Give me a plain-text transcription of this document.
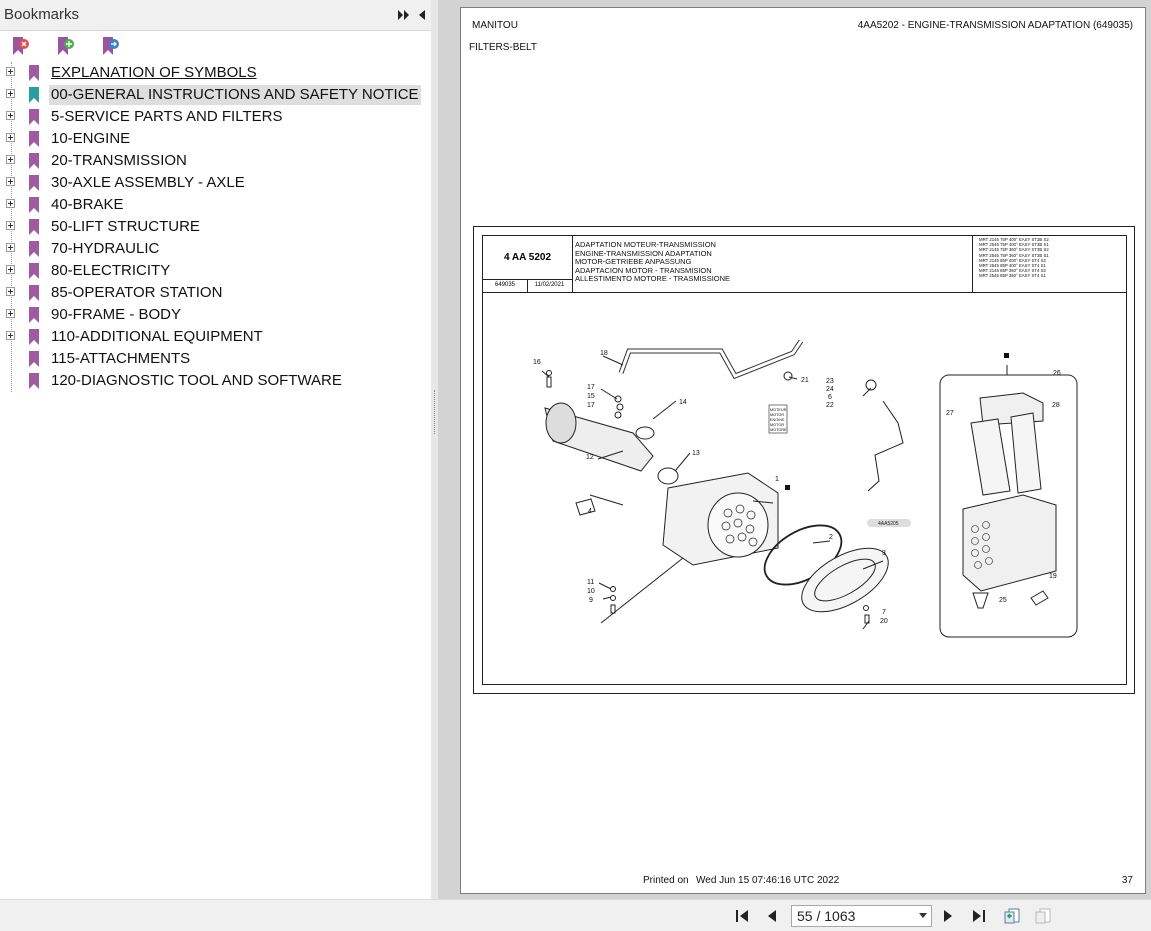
Bookmarks
EXPLANATION OF SYMBOLS
00-GENERAL INSTRUCTIONS AND SAFETY NOTICE
5-SERVICE PARTS AND FILTERS
10-ENGINE
20-TRANSMISSION
30-AXLE ASSEMBLY - AXLE
40-BRAKE
50-LIFT STRUCTURE
70-HYDRAULIC
80-ELECTRICITY
85-OPERATOR STATION
90-FRAME - BODY
110-ADDITIONAL EQUIPMENT
115-ATTACHMENTS
120-DIAGNOSTIC TOOL AND SOFTWARE
MANITOU	4AA5202 - ENGINE-TRANSMISSION ADAPTATION (649035)
FILTERS-BELT
4 AA 5202
649035	11/02/2021
ADAPTATION MOTEUR-TRANSMISSION
ENGINE-TRANSMISSION ADAPTATION
MOTOR-GETRIEBE ANPASSUNG
ADAPTACION MOTOR - TRANSMISION
ALLESTIMENTO MOTORE - TRASMISSIONE
MRT 2145 75P 400° EASY ST3B S2
MRT 2545 75P 400° EASY ST3B S1
MRT 2145 75P 360° EASY ST3B S2
MRT 2545 75P 360° EASY ST3B S1
MRT 2145 85P 400° EASY ST4 S2
MRT 2545 85P 400° EASY ST4 S1
MRT 2145 85P 360° EASY ST4 S2
MRT 2545 85P 360° EASY ST4 S1
16
18
17
15
17	14
13
12
4
1
2
3
7
20
11
10
9
21 23
24
6
22
26
27
28
19
25
MOTEUR
MOTOR
ENGINE
MOTOR
MOTORE
4AA5205
Printed on Wed Jun 15 07:46:16 UTC 2022	37
55 / 1063
